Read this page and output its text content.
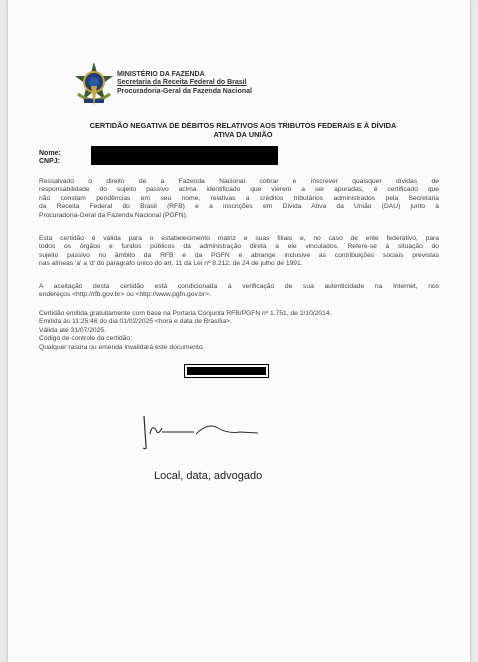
MINISTÉRIO DA FAZENDA
Secretaria da Receita Federal do Brasil
Procuradoria-Geral da Fazenda Nacional
CERTIDÃO NEGATIVA DE DÉBITOS RELATIVOS AOS TRIBUTOS FEDERAIS E À DÍVIDA
ATIVA DA UNIÃO
Nome:
CNPJ:
Ressalvado o direito de a Fazenda Nacional cobrar e inscrever quaisquer dívidas de
responsabilidade do sujeito passivo acima identificado que vierem a ser apuradas, é certificado que
não constam pendências em seu nome, relativas a créditos tributários administrados pela Secretaria
da Receita Federal do Brasil (RFB) e a inscrições em Dívida Ativa da União (DAU) junto à
Procuradoria-Geral da Fazenda Nacional (PGFN).
Esta certidão é válida para o estabelecimento matriz e suas filiais e, no caso de ente federativo, para
todos os órgãos e fundos públicos da administração direta a ele vinculados. Refere-se à situação do
sujeito passivo no âmbito da RFB e da PGFN e abrange inclusive as contribuições sociais previstas
nas alíneas 'a' a 'd' do parágrafo único do art. 11 da Lei nº 8.212, de 24 de julho de 1991.
A aceitação desta certidão está condicionada à verificação de sua autenticidade na Internet, nos
endereços <http://rfb.gov.br> ou <http://www.pgfn.gov.br>.
Certidão emitida gratuitamente com base na Portaria Conjunta RFB/PGFN nº 1.751, de 2/10/2014.
Emitida às 11:25:46 do dia 01/02/2025 <hora e data de Brasília>.
Válida até 31/07/2025.
Código de controle da certidão:
Qualquer rasura ou emenda invalidará este documento.
Local, data, advogado
